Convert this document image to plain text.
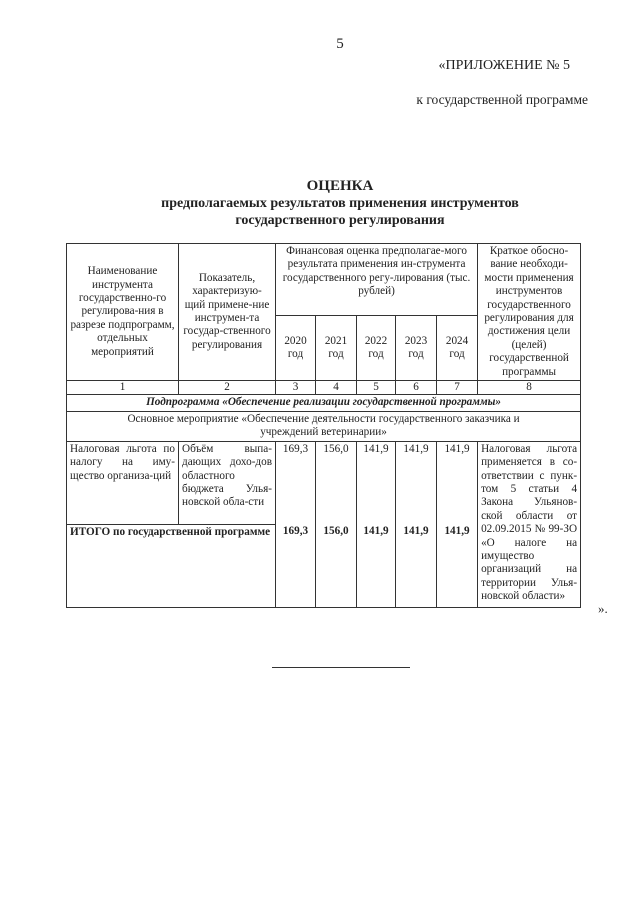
5
«ПРИЛОЖЕНИЕ № 5
к государственной программе
ОЦЕНКА
предполагаемых результатов применения инструментов
государственного регулирования
Наименование инструмента государственно-го регулирова-ния в разрезе подпрограмм, отдельных мероприятий	Показатель, характеризую-щий примене-ние инструмен-та государ-ственного регулирования	Финансовая оценка предполагае-мого результата применения ин-струмента государственного регу-лирования (тыс. рублей)					Краткое обосно-вание необходи-мости применения инструментов государственного регулирования для достижения цели (целей) государственной программы
		2020 год	2021 год	2022 год	2023 год	2024 год	
1	2	3	4	5	6	7	8
Подпрограмма «Обеспечение реализации государственной программы»							
Основное мероприятие «Обеспечение деятельности государственного заказчика и учреждений ветеринарии»							
Налоговая льгота по налогу на иму-щество организа-ций	Объём выпа-дающих дохо-дов областного бюджета Улья-новской обла-сти	169,3	156,0	141,9	141,9	141,9	Налоговая льгота применяется в со-ответствии с пунк-том 5 статьи 4 Закона Ульянов-ской области от 02.09.2015 № 99-ЗО «О налоге на имущество организаций на территории Улья-новской области»
ИТОГО по государственной программе		169,3	156,0	141,9	141,9	141,9	
».
